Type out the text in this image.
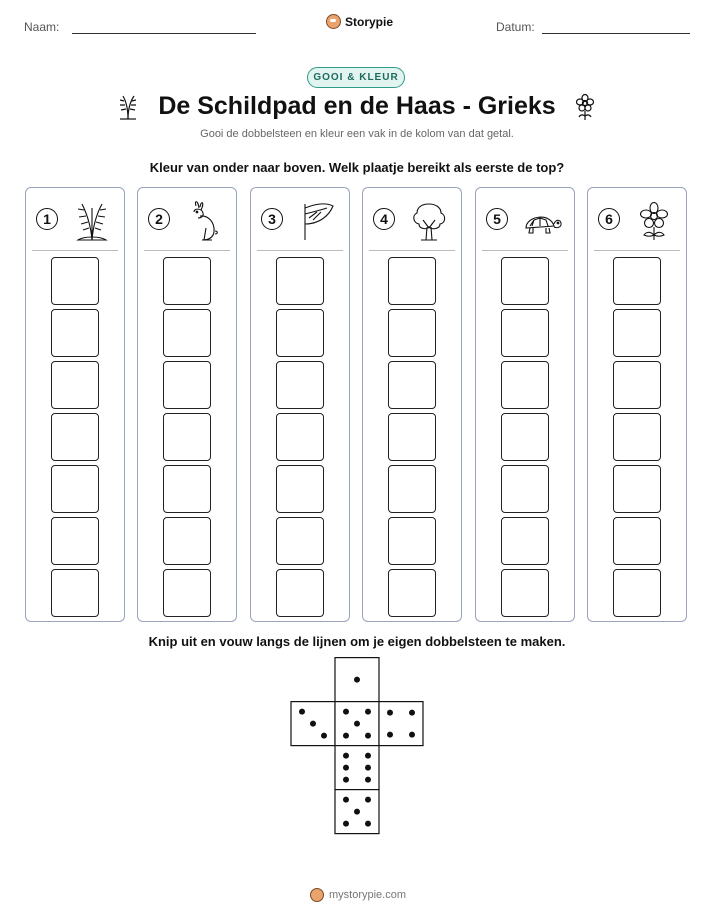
Naam:	Storypie	Datum:
GOOI & KLEUR
De Schildpad en de Haas - Grieks
Gooi de dobbelsteen en kleur een vak in de kolom van dat getal.
Kleur van onder naar boven. Welk plaatje bereikt als eerste de top?
1	2	3	4	5	6
Knip uit en vouw langs de lijnen om je eigen dobbelsteen te maken.
mystorypie.com
